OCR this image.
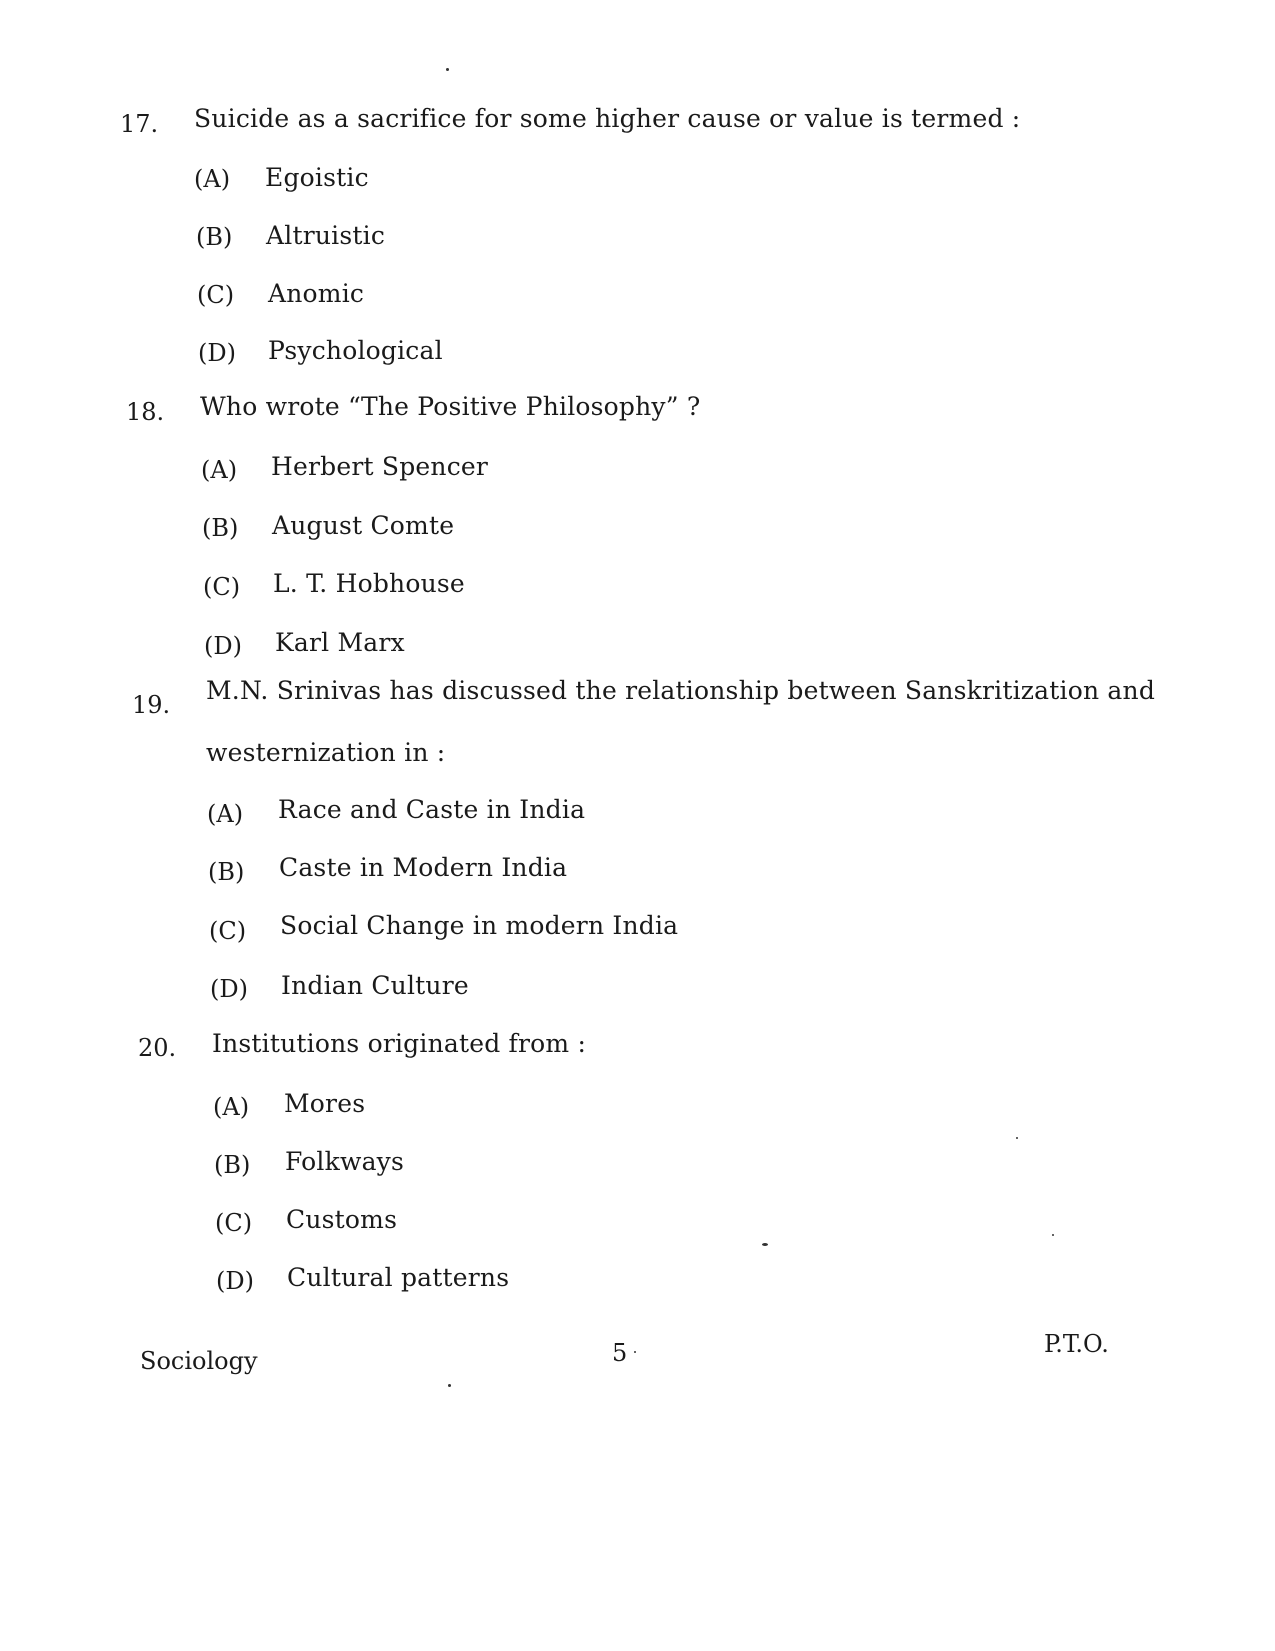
17. Suicide as a sacrifice for some higher cause or value is termed :
(A) Egoistic
(B) Altruistic
(C) Anomic
(D) Psychological
18. Who wrote “The Positive Philosophy” ?
(A) Herbert Spencer
(B) August Comte
(C) L. T. Hobhouse
(D) Karl Marx
19. M.N. Srinivas has discussed the relationship between Sanskritization and
westernization in :
(A) Race and Caste in India
(B) Caste in Modern India
(C) Social Change in modern India
(D) Indian Culture
20. Institutions originated from :
(A) Mores
(B) Folkways
(C) Customs
(D) Cultural patterns
Sociology	5	P.T.O.
